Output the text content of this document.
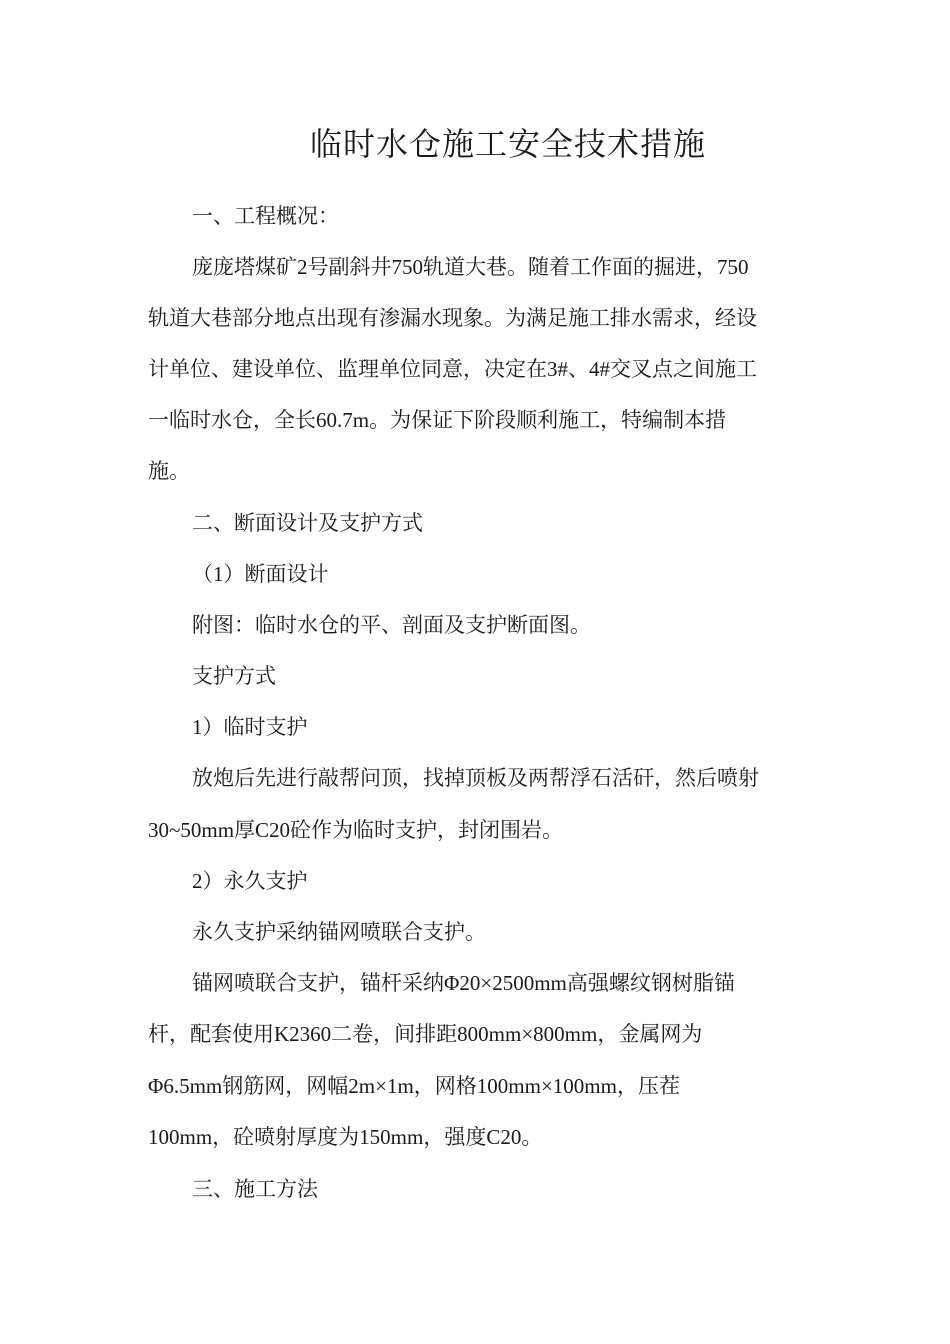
临时水仓施工安全技术措施
一、工程概况：
庞庞塔煤矿2号副斜井750轨道大巷。随着工作面的掘进，750
轨道大巷部分地点出现有渗漏水现象。为满足施工排水需求，经设
计单位、建设单位、监理单位同意，决定在3#、4#交叉点之间施工
一临时水仓，全长60.7m。为保证下阶段顺利施工，特编制本措
施。
二、断面设计及支护方式
（1）断面设计
附图：临时水仓的平、剖面及支护断面图。
支护方式
1）临时支护
放炮后先进行敲帮问顶，找掉顶板及两帮浮石活矸，然后喷射
30~50mm厚C20砼作为临时支护，封闭围岩。
2）永久支护
永久支护采纳锚网喷联合支护。
锚网喷联合支护，锚杆采纳Φ20×2500mm高强螺纹钢树脂锚
杆，配套使用K2360二卷，间排距800mm×800mm，金属网为
Φ6.5mm钢筋网，网幅2m×1m，网格100mm×100mm，压茬
100mm，砼喷射厚度为150mm，强度C20。
三、施工方法
